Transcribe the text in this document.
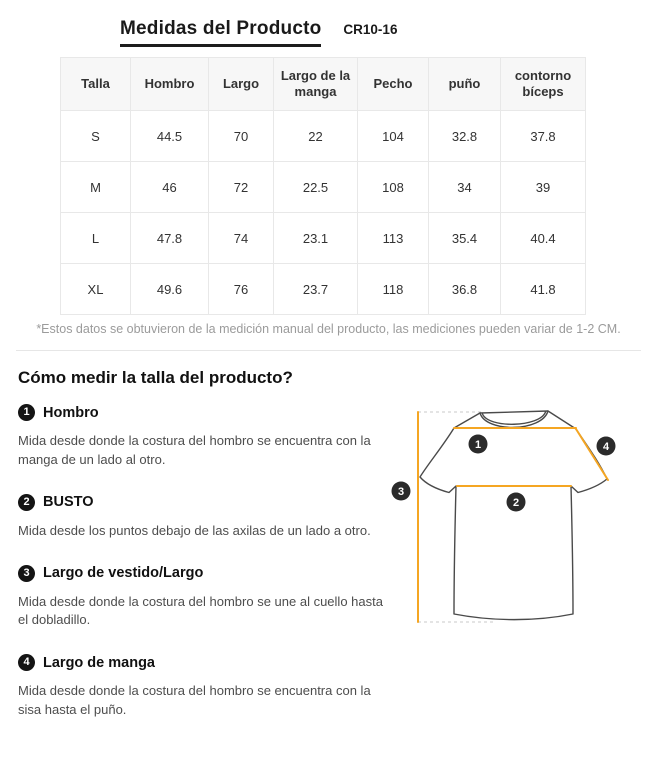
Medidas del Producto CR10-16
Talla	Hombro	Largo	Largo de la manga	Pecho	puño	contorno bíceps
S	44.5	70	22	104	32.8	37.8
M	46	72	22.5	108	34	39
L	47.8	74	23.1	113	35.4	40.4
XL	49.6	76	23.7	118	36.8	41.8

*Estos datos se obtuvieron de la medición manual del producto, las mediciones pueden variar de 1-2 CM.

Cómo medir la talla del producto?
1 Hombro

Mida desde donde la costura del hombro se encuentra con la manga de un lado al otro.

2 BUSTO

Mida desde los puntos debajo de las axilas de un lado a otro.

3 Largo de vestido/Largo

Mida desde donde la costura del hombro se une al cuello hasta el dobladillo.

4 Largo de manga

Mida desde donde la costura del hombro se encuentra con la sisa hasta el puño.

1
2
3
4
